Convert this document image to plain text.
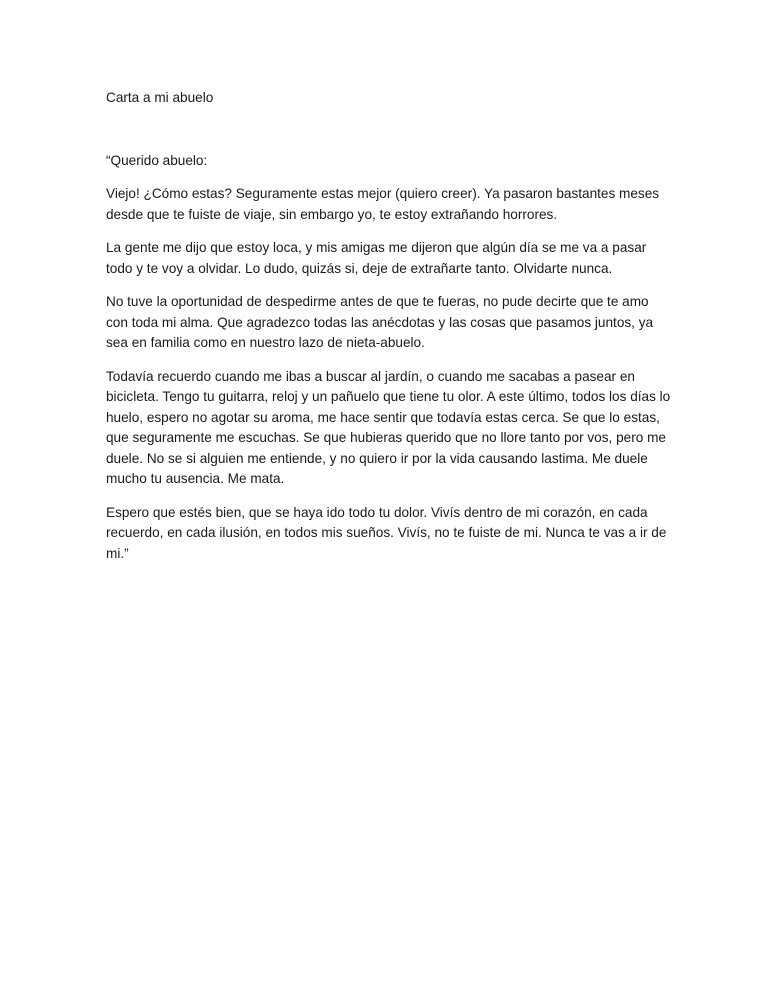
Carta a mi abuelo

“Querido abuelo:

Viejo! ¿Cómo estas? Seguramente estas mejor (quiero creer). Ya pasaron bastantes meses desde que te fuiste de viaje, sin embargo yo, te estoy extrañando horrores.

La gente me dijo que estoy loca, y mis amigas me dijeron que algún día se me va a pasar todo y te voy a olvidar. Lo dudo, quizás si, deje de extrañarte tanto. Olvidarte nunca.

No tuve la oportunidad de despedirme antes de que te fueras, no pude decirte que te amo con toda mi alma. Que agradezco todas las anécdotas y las cosas que pasamos juntos, ya sea en familia como en nuestro lazo de nieta-abuelo.

Todavía recuerdo cuando me ibas a buscar al jardín, o cuando me sacabas a pasear en bicicleta. Tengo tu guitarra, reloj y un pañuelo que tiene tu olor. A este último, todos los días lo huelo, espero no agotar su aroma, me hace sentir que todavía estas cerca. Se que lo estas, que seguramente me escuchas. Se que hubieras querido que no llore tanto por vos, pero me duele. No se si alguien me entiende, y no quiero ir por la vida causando lastima. Me duele mucho tu ausencia. Me mata.

Espero que estés bien, que se haya ido todo tu dolor. Vivís dentro de mi corazón, en cada recuerdo, en cada ilusión, en todos mis sueños. Vivís, no te fuiste de mi. Nunca te vas a ir de mi.”
